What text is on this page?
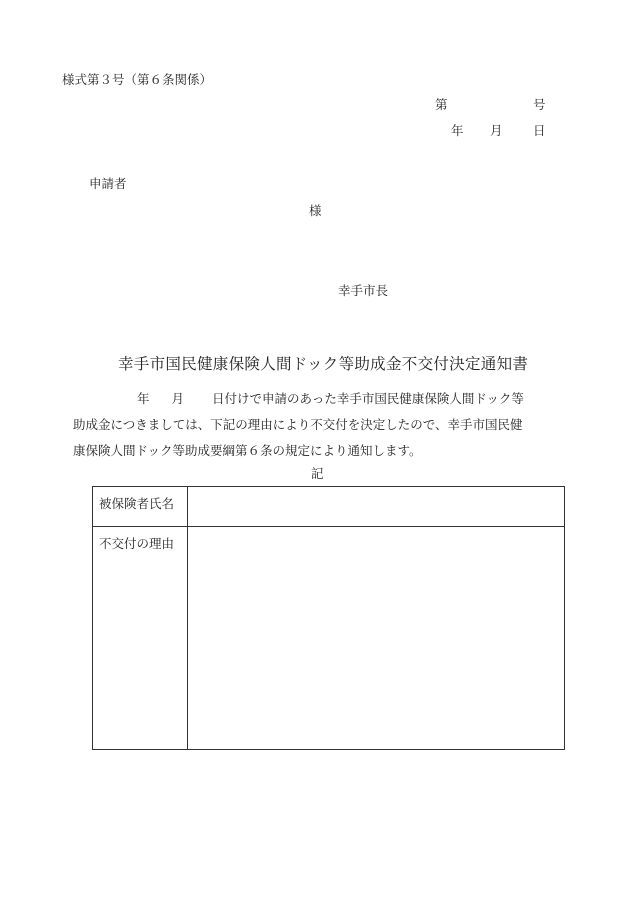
様式第３号（第６条関係）
第	号
年 月 日
申請者
様
幸手市長
幸手市国民健康保険人間ドック等助成金不交付決定通知書
年 月 日付けで申請のあった幸手市国民健康保険人間ドック等
助成金につきましては、下記の理由により不交付を決定したので、幸手市国民健
康保険人間ドック等助成要綱第６条の規定により通知します。
記
被保険者氏名	
不交付の理由	
